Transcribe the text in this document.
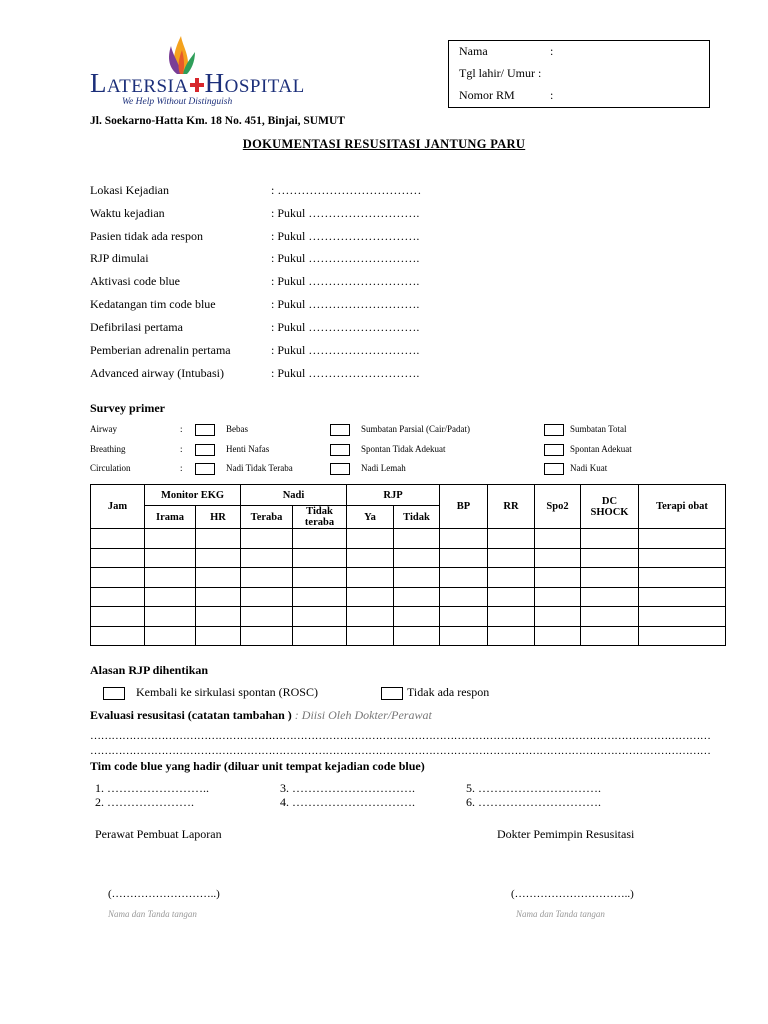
Latersia Hospital
We Help Without Distinguish
Nama	:
Tgl lahir/ Umur :
Nomor RM	:
Jl. Soekarno-Hatta Km. 18 No. 451, Binjai, SUMUT
DOKUMENTASI RESUSITASI JANTUNG PARU
Lokasi Kejadian	: ………………………………
Waktu kejadian	: Pukul ……………………….
Pasien tidak ada respon	: Pukul ……………………….
RJP dimulai	: Pukul ……………………….
Aktivasi code blue	: Pukul ……………………….
Kedatangan tim code blue	: Pukul ……………………….
Defibrilasi pertama	: Pukul ……………………….
Pemberian adrenalin pertama	: Pukul ……………………….
Advanced airway (Intubasi)	: Pukul ……………………….
Survey primer
Airway	:	Bebas	Sumbatan Parsial (Cair/Padat)	Sumbatan Total
Breathing	:	Henti Nafas	Spontan Tidak Adekuat	Spontan Adekuat
Circulation	:	Nadi Tidak Teraba	Nadi Lemah	Nadi Kuat
Jam	Monitor EKG		Nadi		RJP		BP	RR	Spo2	DC SHOCK	Terapi obat
	Irama	HR	Teraba	Tidak teraba	Ya	Tidak					

Alasan RJP dihentikan
Kembali ke sirkulasi spontan (ROSC)	Tidak ada respon
Evaluasi resusitasi (catatan tambahan ) : Diisi Oleh Dokter/Perawat
…………………………………………………………………………………………………………………………………………………………
…………………………………………………………………………………………………………………………………………………………
Tim code blue yang hadir (diluar unit tempat kejadian code blue)
1. ……………………..
2. ………………….
3. ………………………….
4. ………………………….
5. ………………………….
6. ………………………….
Perawat Pembuat Laporan	Dokter Pemimpin Resusitasi
(………………………..)	(…………………………..)
Nama dan Tanda tangan	Nama dan Tanda tangan
